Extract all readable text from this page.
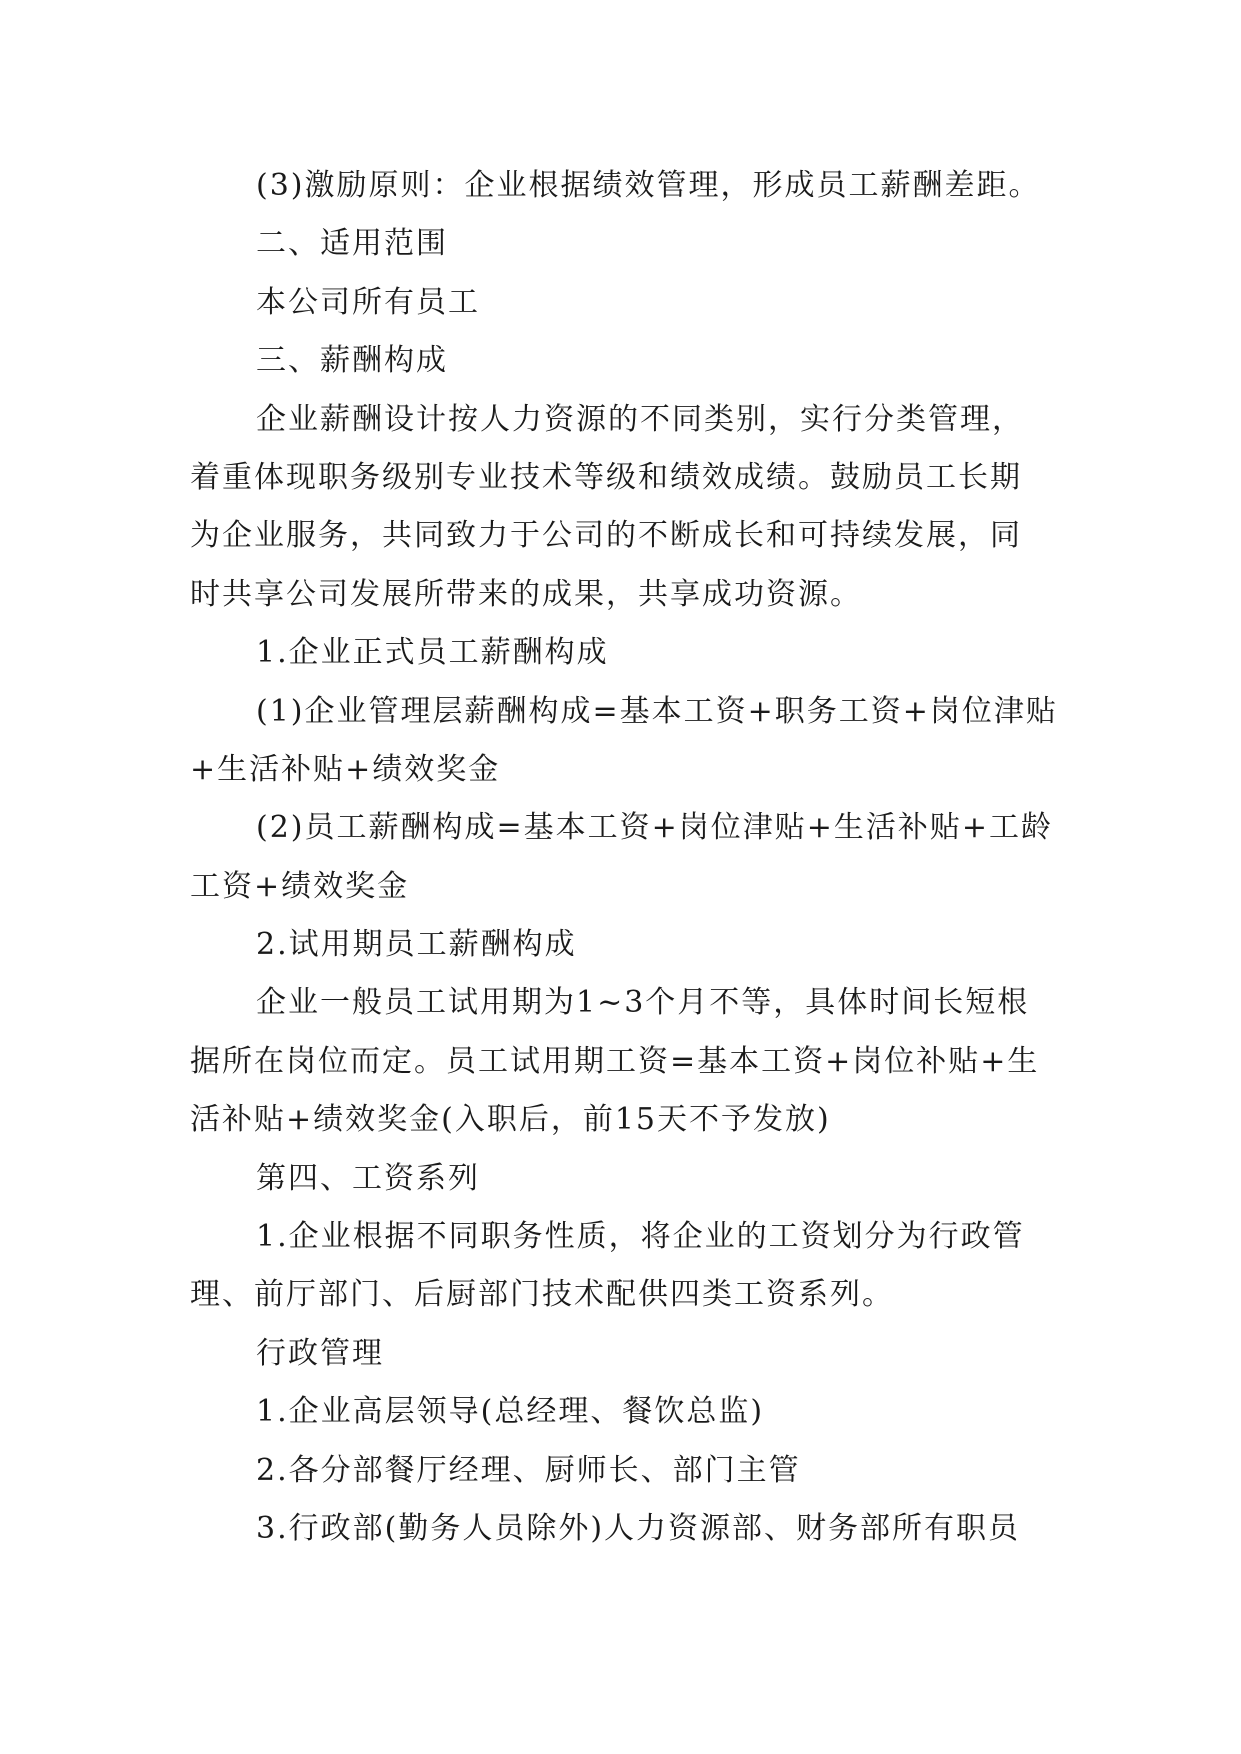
(3)激励原则：企业根据绩效管理，形成员工薪酬差距。
二、适用范围
本公司所有员工
三、薪酬构成
企业薪酬设计按人力资源的不同类别，实行分类管理，
着重体现职务级别专业技术等级和绩效成绩。鼓励员工长期
为企业服务，共同致力于公司的不断成长和可持续发展，同
时共享公司发展所带来的成果，共享成功资源。
1.企业正式员工薪酬构成
(1)企业管理层薪酬构成=基本工资+职务工资+岗位津贴
+生活补贴+绩效奖金
(2)员工薪酬构成=基本工资+岗位津贴+生活补贴+工龄
工资+绩效奖金
2.试用期员工薪酬构成
企业一般员工试用期为1~3个月不等，具体时间长短根
据所在岗位而定。员工试用期工资=基本工资+岗位补贴+生
活补贴+绩效奖金(入职后，前15天不予发放)
第四、工资系列
1.企业根据不同职务性质，将企业的工资划分为行政管
理、前厅部门、后厨部门技术配供四类工资系列。
行政管理
1.企业高层领导(总经理、餐饮总监)
2.各分部餐厅经理、厨师长、部门主管
3.行政部(勤务人员除外)人力资源部、财务部所有职员
